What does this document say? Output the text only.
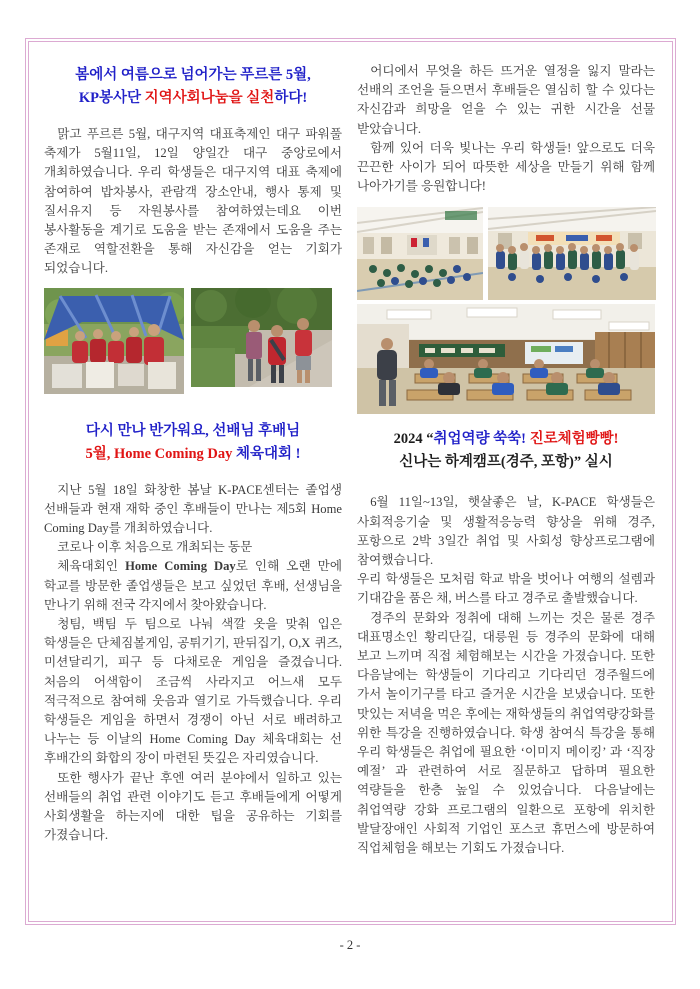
봄에서 여름으로 넘어가는 푸르른 5월,
KP봉사단 지역사회나눔을 실천하다!

맑고 푸르른 5월, 대구지역 대표축제인 대구 파워풀 축제가 5월11일, 12일 양일간 대구 중앙로에서 개최하였습니다. 우리 학생들은 대구지역 대표 축제에 참여하여 밥차봉사, 관람객 장소안내, 행사 통제 및 질서유지 등 자원봉사를 참여하였는데요 이번 봉사활동을 계기로 도움을 받는 존재에서 도움을 주는 존재로 역할전환을 통해 자신감을 얻는 기회가 되었습니다.

다시 만나 반가워요, 선배님 후배님
5월, Home Coming Day 체육대회 !

지난 5월 18일 화창한 봄날 K-PACE센터는 졸업생 선배들과 현재 재학 중인 후배들이 만나는 제5회 Home Coming Day를 개최하였습니다.

코로나 이후 처음으로 개최되는 동문

체육대회인 Home Coming Day로 인해 오랜 만에 학교를 방문한 졸업생들은 보고 싶었던 후배, 선생님을 만나기 위해 전국 각지에서 찾아왔습니다.

청팀, 백팀 두 팀으로 나눠 색깔 옷을 맞춰 입은 학생들은 단체짐볼게임, 공튀기기, 판뒤집기, O,X 퀴즈, 미션달리기, 피구 등 다채로운 게임을 즐겼습니다. 처음의 어색함이 조금씩 사라지고 어느새 모두 적극적으로 참여해 웃음과 열기로 가득했습니다. 우리 학생들은 게임을 하면서 경쟁이 아닌 서로 배려하고 나누는 등 이날의 Home Coming Day 체육대회는 선 후배간의 화합의 장이 마련된 뜻깊은 자리였습니다.

또한 행사가 끝난 후엔 여러 분야에서 일하고 있는 선배들의 취업 관련 이야기도 듣고 후배들에게 어떻게 사회생활을 하는지에 대한 팁을 공유하는 기회를 가졌습니다.

어디에서 무엇을 하든 뜨거운 열정을 잃지 말라는 선배의 조언을 들으면서 후배들은 열심히 할 수 있다는 자신감과 희망을 얻을 수 있는 귀한 시간을 선물 받았습니다.

함께 있어 더욱 빛나는 우리 학생들! 앞으로도 더욱 끈끈한 사이가 되어 따뜻한 세상을 만들기 위해 함께 나아가기를 응원합니다!

2024 “취업역량 쑥쑥! 진로체험빵빵!
신나는 하계캠프(경주, 포항)” 실시

6월 11일~13일, 햇살좋은 날, K-PACE 학생들은 사회적응기술 및 생활적응능력 향상을 위해 경주, 포항으로 2박 3일간 취업 및 사회성 향상프로그램에 참여했습니다.

우리 학생들은 모처럼 학교 밖을 벗어나 여행의 설렘과 기대감을 품은 채, 버스를 타고 경주로 출발했습니다.

경주의 문화와 정취에 대해 느끼는 것은 물론 경주 대표명소인 황리단길, 대릉원 등 경주의 문화에 대해 보고 느끼며 직접 체험해보는 시간을 가졌습니다. 또한 다음날에는 학생들이 기다리고 기다리던 경주월드에 가서 놀이기구를 타고 즐거운 시간을 보냈습니다. 또한 맛있는 저녁을 먹은 후에는 재학생들의 취업역량강화를 위한 특강을 진행하였습니다. 학생 참여식 특강을 통해 우리 학생들은 취업에 필요한 ‘이미지 메이킹’ 과 ‘직장 예절’ 과 관련하여 서로 질문하고 답하며 필요한 역량들을 한층 높일 수 있었습니다. 다음날에는 취업역량 강화 프로그램의 일환으로 포항에 위치한 발달장애인 사회적 기업인 포스코 휴먼스에 방문하여 직업체험을 해보는 기회도 가졌습니다.

- 2 -
